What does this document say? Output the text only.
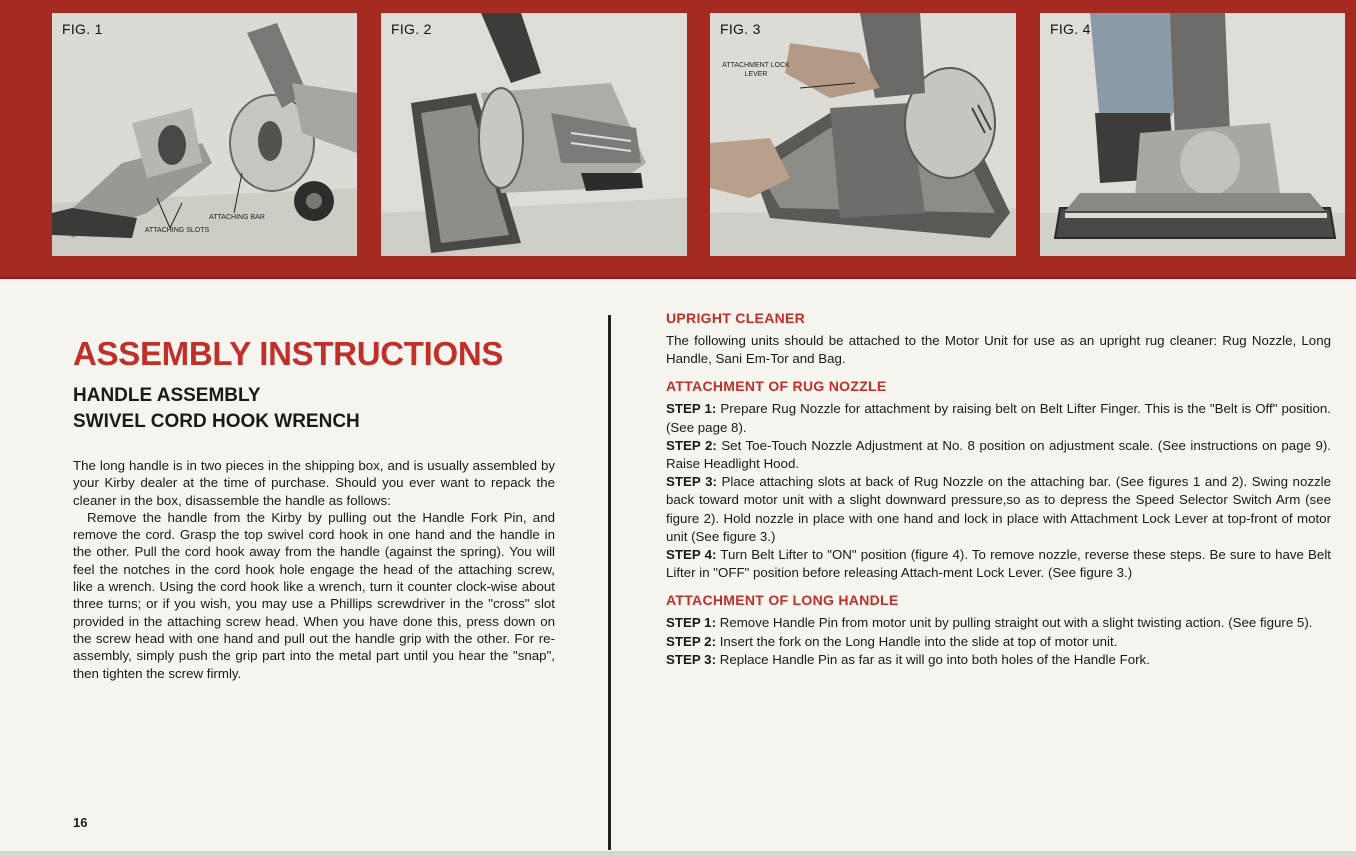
FIG. 1
ATTACHING BAR
ATTACHING SLOTS
FIG. 2	FIG. 3
ATTACHMENT LOCK LEVER
FIG. 4
ASSEMBLY INSTRUCTIONS
HANDLE ASSEMBLY
SWIVEL CORD HOOK WRENCH

The long handle is in two pieces in the shipping box, and is usually assembled by your Kirby dealer at the time of purchase. Should you ever want to repack the cleaner in the box, disassemble the handle as follows:

Remove the handle from the Kirby by pulling out the Handle Fork Pin, and remove the cord. Grasp the top swivel cord hook in one hand and the handle in the other. Pull the cord hook away from the handle (against the spring). You will feel the notches in the cord hook hole engage the head of the attaching screw, like a wrench. Using the cord hook like a wrench, turn it counter clock-wise about three turns; or if you wish, you may use a Phillips screwdriver in the "cross" slot provided in the attaching screw head. When you have done this, press down on the screw head with one hand and pull out the handle grip with the other. For re-assembly, simply push the grip part into the metal part until you hear the "snap", then tighten the screw firmly.

16
UPRIGHT CLEANER

The following units should be attached to the Motor Unit for use as an upright rug cleaner: Rug Nozzle, Long Handle, Sani Em-Tor and Bag.

ATTACHMENT OF RUG NOZZLE

STEP 1: Prepare Rug Nozzle for attachment by raising belt on Belt Lifter Finger. This is the "Belt is Off" position. (See page 8).

STEP 2: Set Toe-Touch Nozzle Adjustment at No. 8 position on adjustment scale. (See instructions on page 9). Raise Headlight Hood.

STEP 3: Place attaching slots at back of Rug Nozzle on the attaching bar. (See figures 1 and 2). Swing nozzle back toward motor unit with a slight downward pressure,so as to depress the Speed Selector Switch Arm (see figure 2). Hold nozzle in place with one hand and lock in place with Attachment Lock Lever at top-front of motor unit (See figure 3.)

STEP 4: Turn Belt Lifter to "ON" position (figure 4). To remove nozzle, reverse these steps. Be sure to have Belt Lifter in "OFF" position before releasing Attach-ment Lock Lever. (See figure 3.)

ATTACHMENT OF LONG HANDLE

STEP 1: Remove Handle Pin from motor unit by pulling straight out with a slight twisting action. (See figure 5).

STEP 2: Insert the fork on the Long Handle into the slide at top of motor unit.

STEP 3: Replace Handle Pin as far as it will go into both holes of the Handle Fork.
